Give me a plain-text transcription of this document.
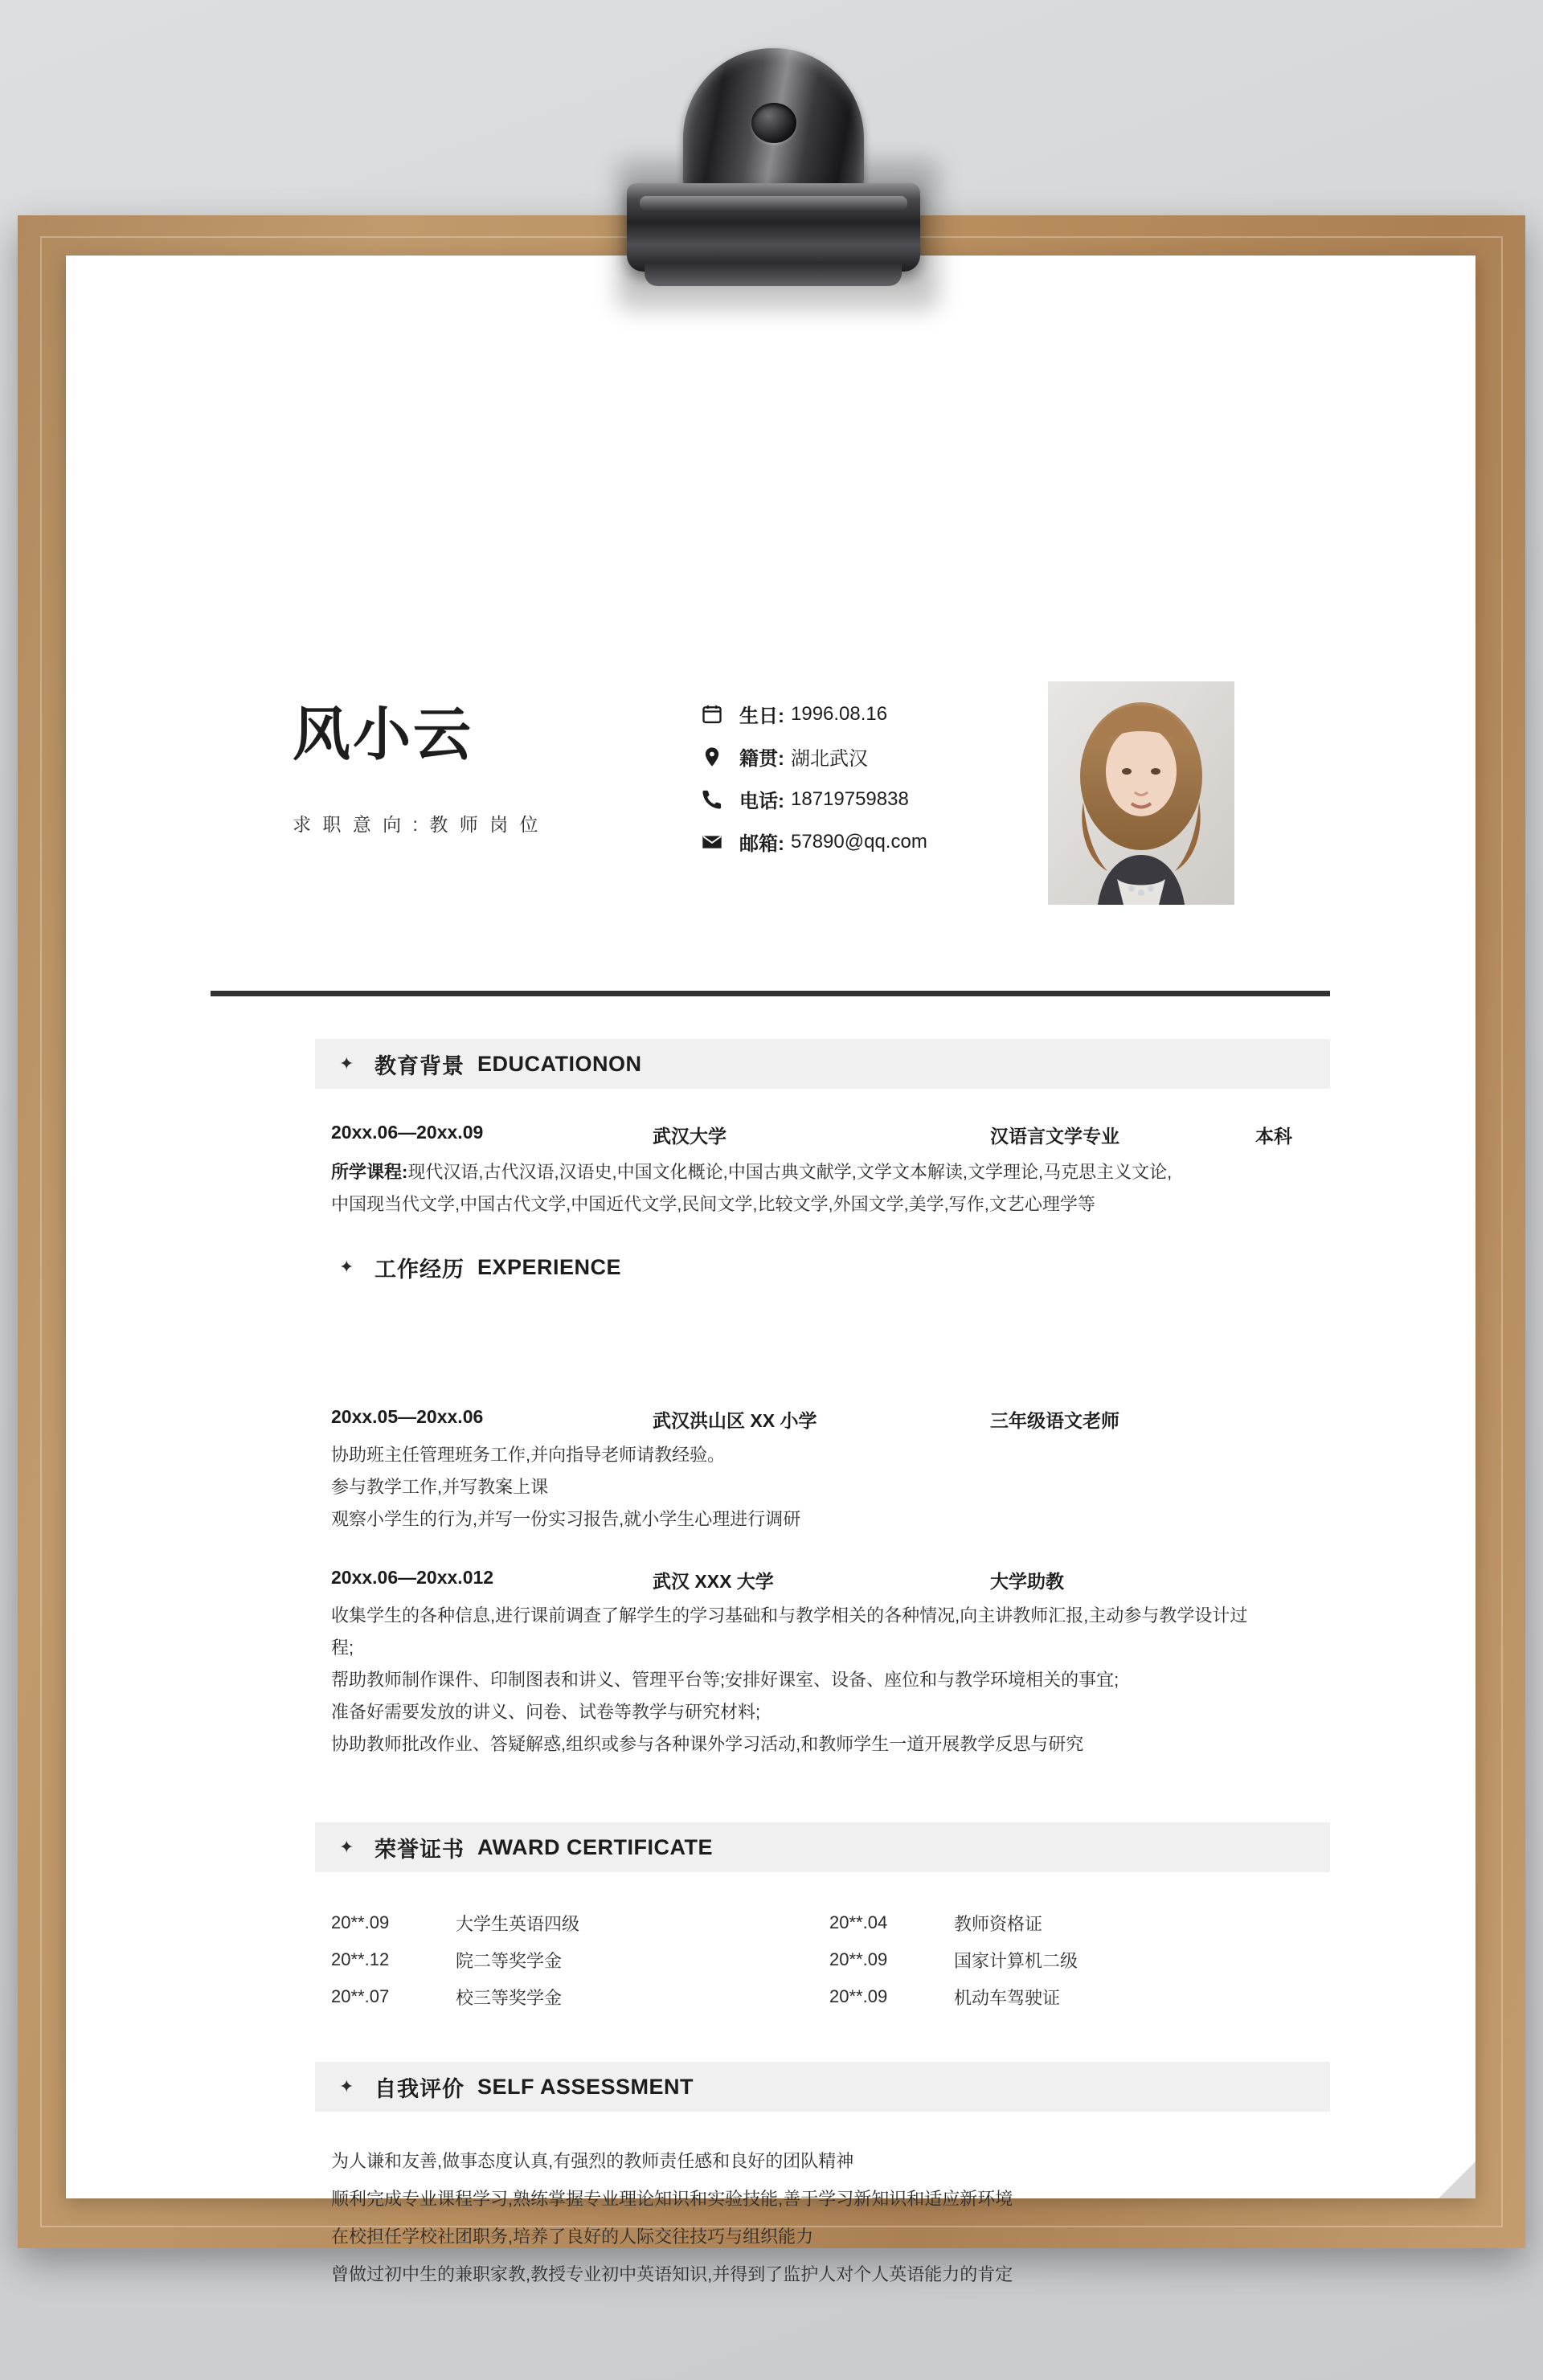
风小云
求 职 意 向 : 教 师 岗 位
生日: 1996.08.16
籍贯: 湖北武汉
电话: 18719759838
邮箱: 57890@qq.com
✦ 教育背景 EDUCATIONON
20xx.06—20xx.09	武汉大学	汉语言文学专业	本科
所学课程:现代汉语,古代汉语,汉语史,中国文化概论,中国古典文献学,文学文本解读,文学理论,马克思主义文论,
中国现当代文学,中国古代文学,中国近代文学,民间文学,比较文学,外国文学,美学,写作,文艺心理学等
✦ 工作经历 EXPERIENCE
20xx.05—20xx.06	武汉洪山区 XX 小学	三年级语文老师
协助班主任管理班务工作,并向指导老师请教经验。
参与教学工作,并写教案上课
观察小学生的行为,并写一份实习报告,就小学生心理进行调研
20xx.06—20xx.012	武汉 XXX 大学	大学助教
收集学生的各种信息,进行课前调查了解学生的学习基础和与教学相关的各种情况,向主讲教师汇报,主动参与教学设计过
程;
帮助教师制作课件、印制图表和讲义、管理平台等;安排好课室、设备、座位和与教学环境相关的事宜;
准备好需要发放的讲义、问卷、试卷等教学与研究材料;
协助教师批改作业、答疑解惑,组织或参与各种课外学习活动,和教师学生一道开展教学反思与研究
✦ 荣誉证书 AWARD CERTIFICATE
20**.09	大学生英语四级	20**.04	教师资格证
20**.12	院二等奖学金	20**.09	国家计算机二级
20**.07	校三等奖学金	20**.09	机动车驾驶证
✦ 自我评价 SELF ASSESSMENT
为人谦和友善,做事态度认真,有强烈的教师责任感和良好的团队精神
顺利完成专业课程学习,熟练掌握专业理论知识和实验技能,善于学习新知识和适应新环境
在校担任学校社团职务,培养了良好的人际交往技巧与组织能力
曾做过初中生的兼职家教,教授专业初中英语知识,并得到了监护人对个人英语能力的肯定
